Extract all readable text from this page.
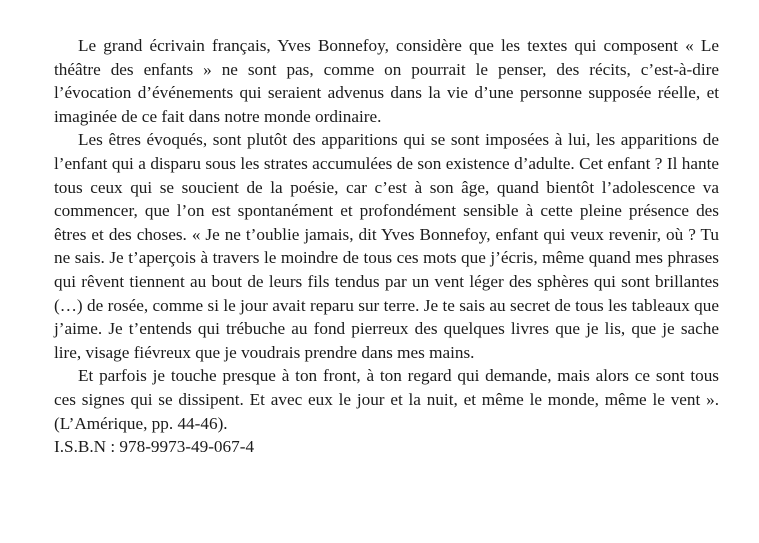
Le grand écrivain français, Yves Bonnefoy, considère que les textes qui composent « Le théâtre des enfants » ne sont pas, comme on pourrait le penser, des récits, c’est-à-dire l’évocation d’événements qui seraient advenus dans la vie d’une personne supposée réelle, et imaginée de ce fait dans notre monde ordinaire.

Les êtres évoqués, sont plutôt des apparitions qui se sont imposées à lui, les apparitions de l’enfant qui a disparu sous les strates accumulées de son existence d’adulte. Cet enfant ? Il hante tous ceux qui se soucient de la poésie, car c’est à son âge, quand bientôt l’adolescence va commencer, que l’on est spontanément et profondément sensible à cette pleine présence des êtres et des choses. « Je ne t’oublie jamais, dit Yves Bonnefoy, enfant qui veux revenir, où ? Tu ne sais. Je t’aperçois à travers le moindre de tous ces mots que j’écris, même quand mes phrases qui rêvent tiennent au bout de leurs fils tendus par un vent léger des sphères qui sont brillantes (…) de rosée, comme si le jour avait reparu sur terre. Je te sais au secret de tous les tableaux que j’aime. Je t’entends qui trébuche au fond pierreux des quelques livres que je lis, que je sache lire, visage fiévreux que je voudrais prendre dans mes mains.

Et parfois je touche presque à ton front, à ton regard qui demande, mais alors ce sont tous ces signes qui se dissipent. Et avec eux le jour et la nuit, et même le monde, même le vent ». (L’Amérique, pp. 44-46).

I.S.B.N : 978-9973-49-067-4
